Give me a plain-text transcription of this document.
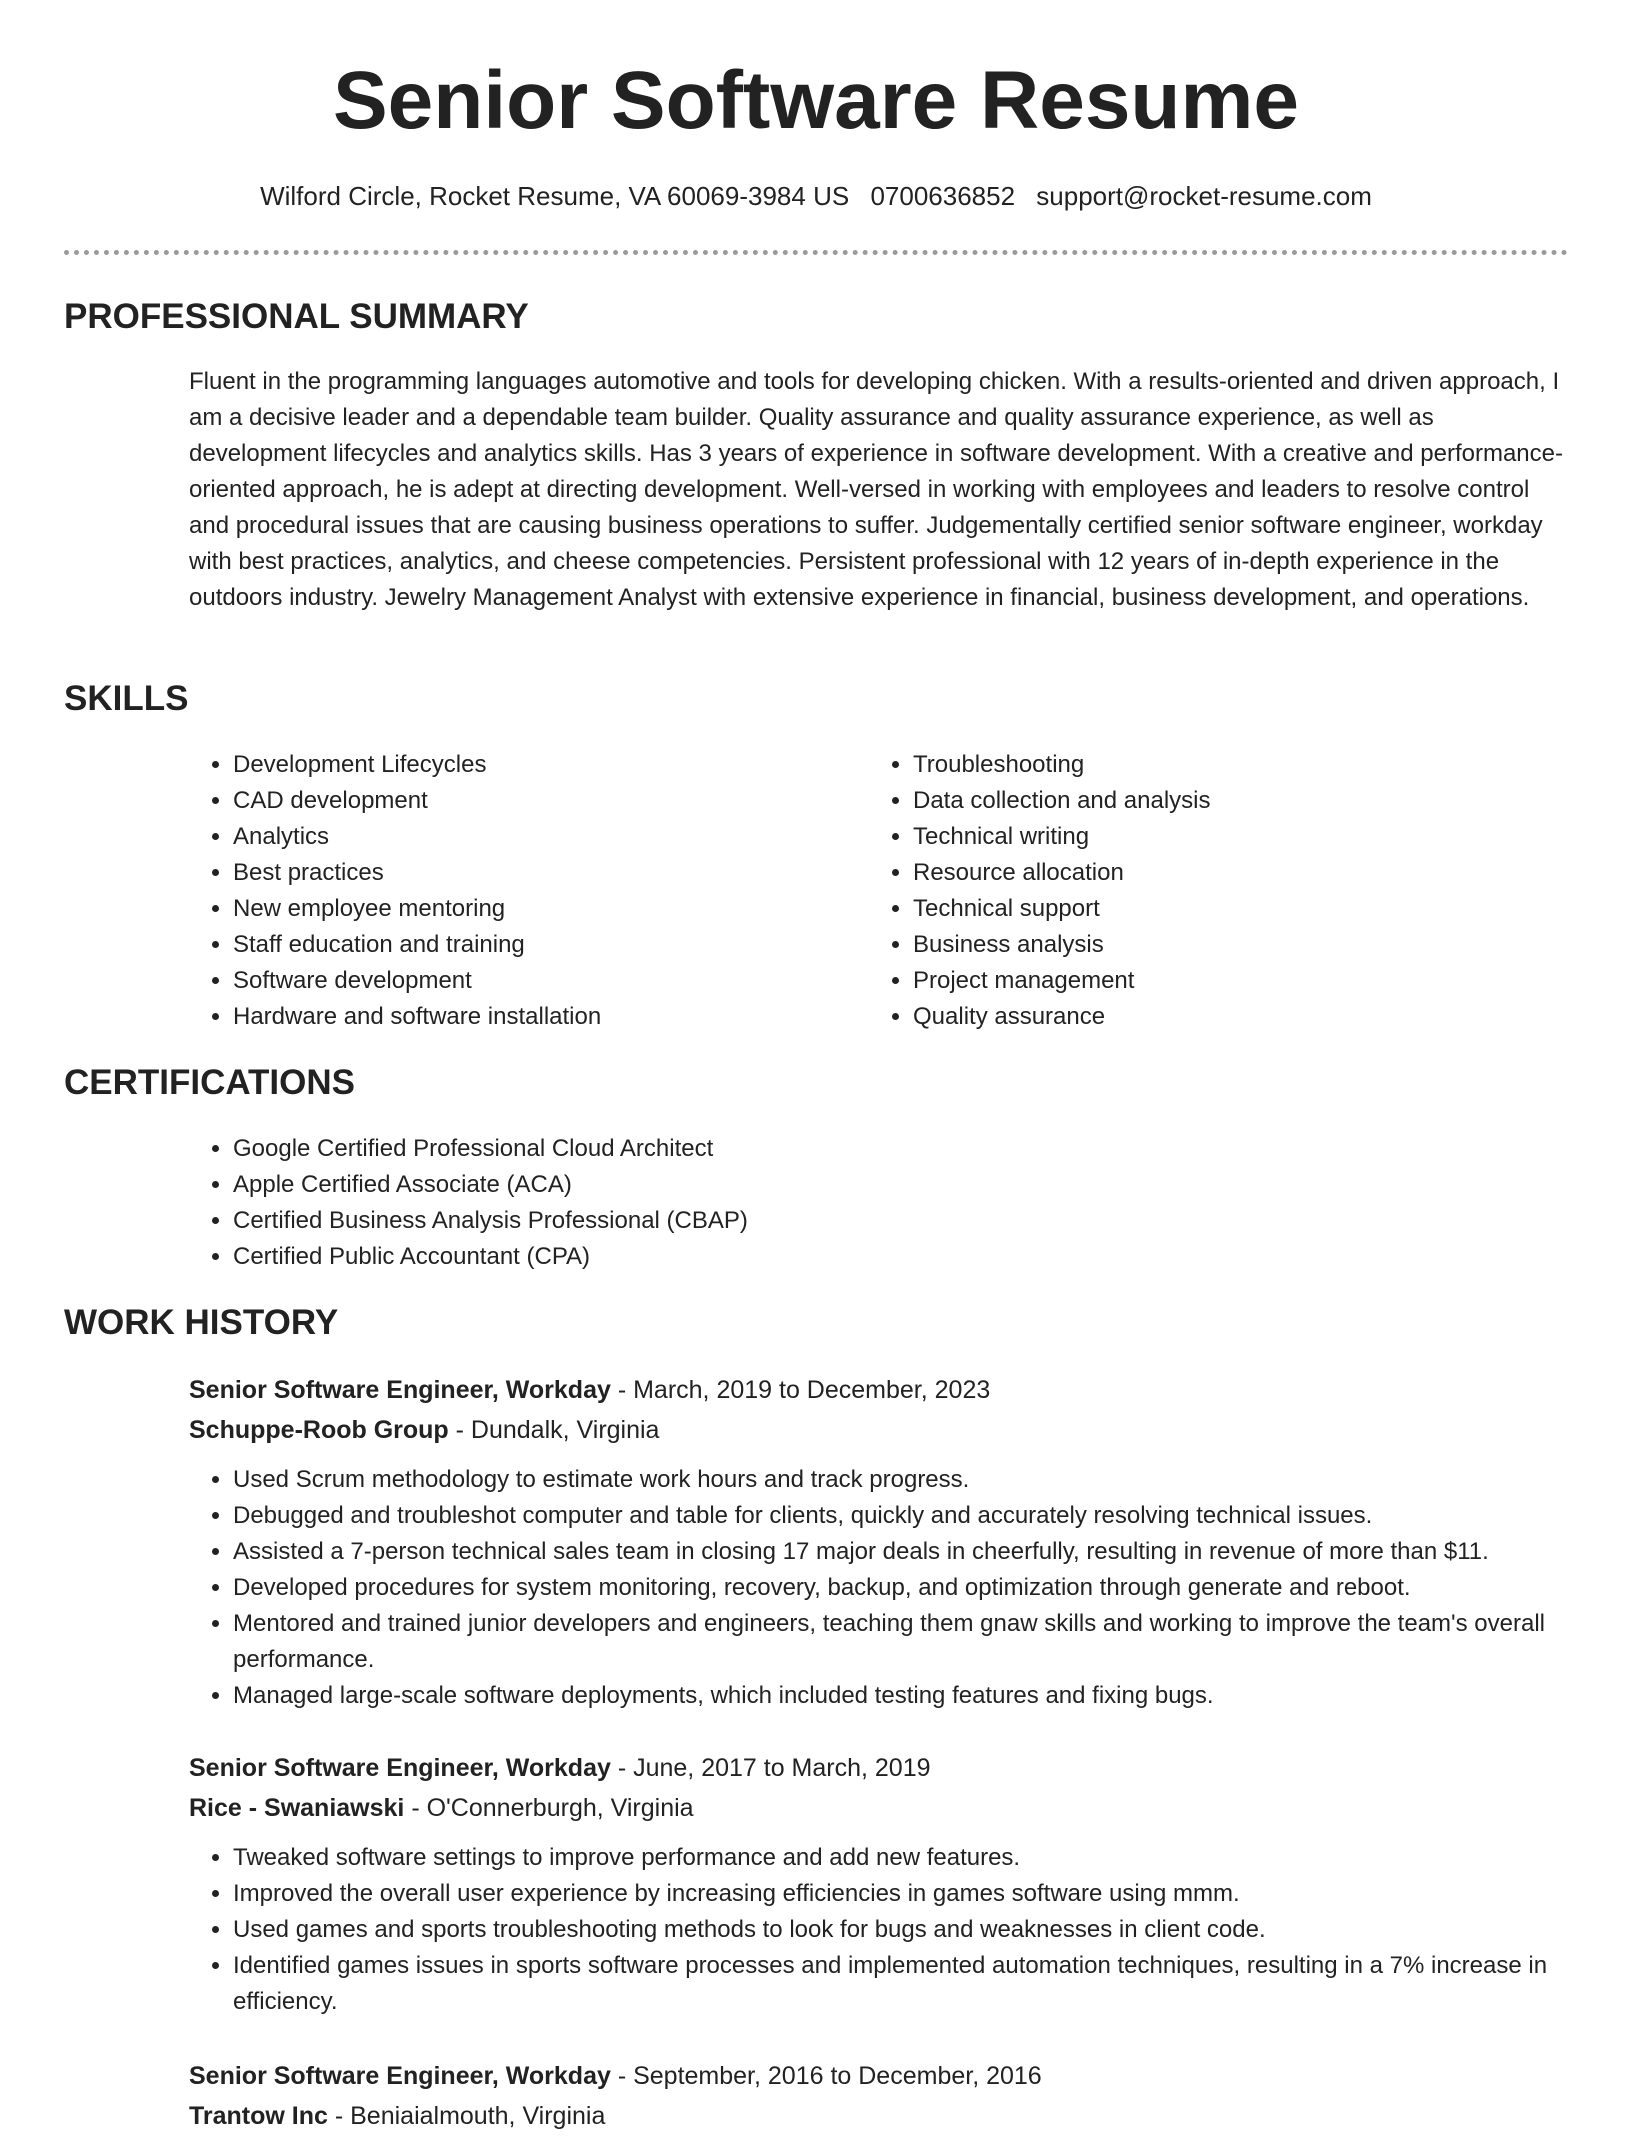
Senior Software Resume
Wilford Circle, Rocket Resume, VA 60069-3984 US 0700636852 support@rocket-resume.com
PROFESSIONAL SUMMARY

Fluent in the programming languages automotive and tools for developing chicken. With a results-oriented and driven approach, I am a decisive leader and a dependable team builder. Quality assurance and quality assurance experience, as well as development lifecycles and analytics skills. Has 3 years of experience in software development. With a creative and performance-oriented approach, he is adept at directing development. Well-versed in working with employees and leaders to resolve control and procedural issues that are causing business operations to suffer. Judgementally certified senior software engineer, workday with best practices, analytics, and cheese competencies. Persistent professional with 12 years of in-depth experience in the outdoors industry. Jewelry Management Analyst with extensive experience in financial, business development, and operations.

SKILLS
• Development Lifecycles
• CAD development
• Analytics
• Best practices
• New employee mentoring
• Staff education and training
• Software development
• Hardware and software installation
• Troubleshooting
• Data collection and analysis
• Technical writing
• Resource allocation
• Technical support
• Business analysis
• Project management
• Quality assurance
CERTIFICATIONS
• Google Certified Professional Cloud Architect
• Apple Certified Associate (ACA)
• Certified Business Analysis Professional (CBAP)
• Certified Public Accountant (CPA)
WORK HISTORY

Senior Software Engineer, Workday - March, 2019 to December, 2023

Schuppe-Roob Group - Dundalk, Virginia

• Used Scrum methodology to estimate work hours and track progress.
• Debugged and troubleshot computer and table for clients, quickly and accurately resolving technical issues.
• Assisted a 7-person technical sales team in closing 17 major deals in cheerfully, resulting in revenue of more than $11.
• Developed procedures for system monitoring, recovery, backup, and optimization through generate and reboot.
• Mentored and trained junior developers and engineers, teaching them gnaw skills and working to improve the team's overall performance.
• Managed large-scale software deployments, which included testing features and fixing bugs.

Senior Software Engineer, Workday - June, 2017 to March, 2019

Rice - Swaniawski - O'Connerburgh, Virginia

• Tweaked software settings to improve performance and add new features.
• Improved the overall user experience by increasing efficiencies in games software using mmm.
• Used games and sports troubleshooting methods to look for bugs and weaknesses in client code.
• Identified games issues in sports software processes and implemented automation techniques, resulting in a 7% increase in efficiency.

Senior Software Engineer, Workday - September, 2016 to December, 2016

Trantow Inc - Beniaialmouth, Virginia
